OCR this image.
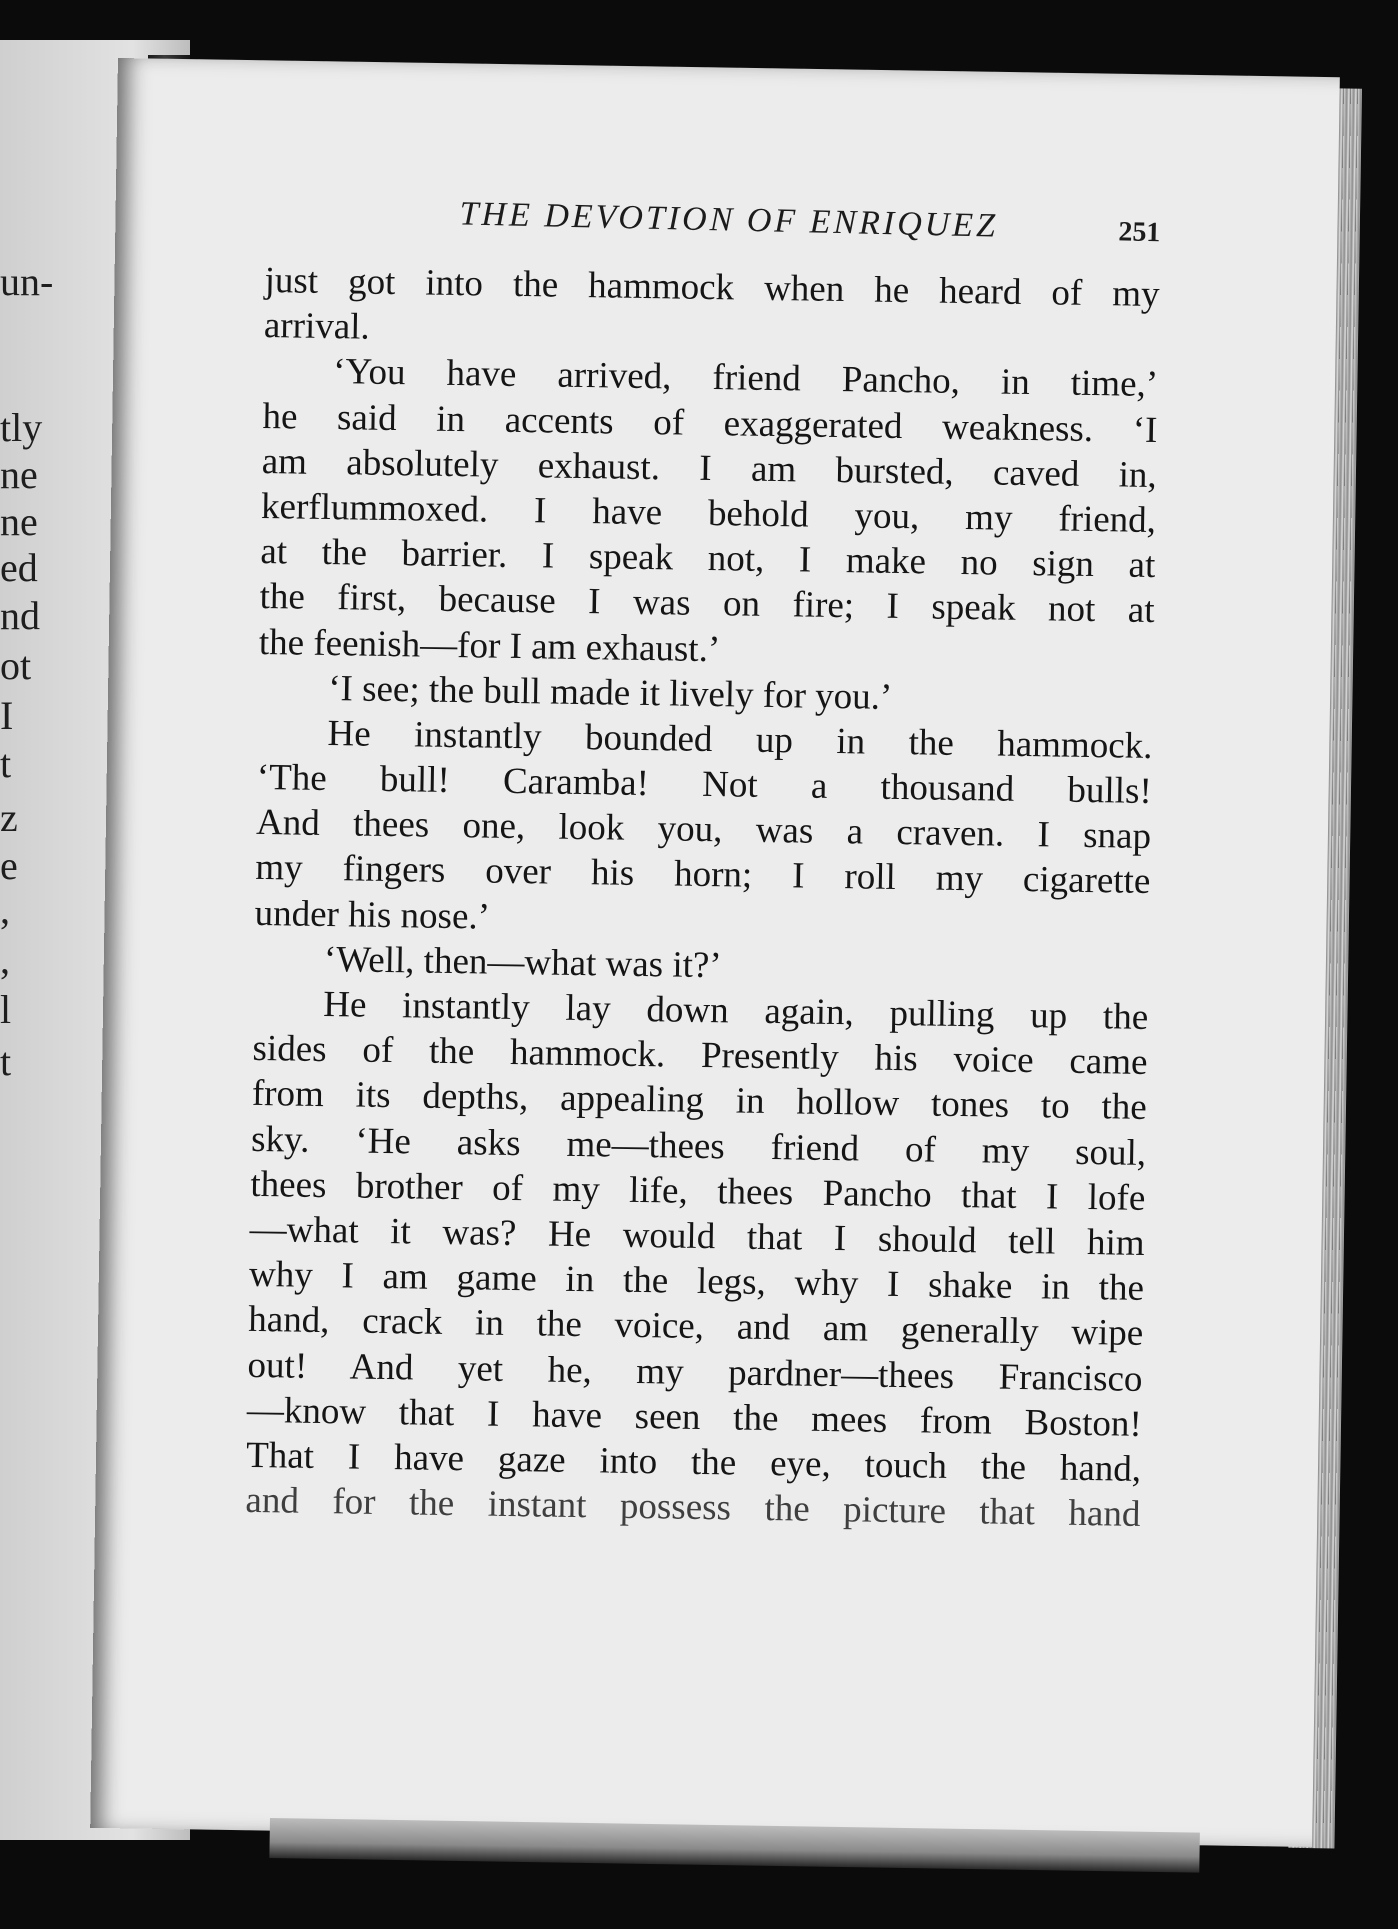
un-
tly
ne
ne
ed
nd
ot
I
t
z
e
,
,
l
t
THE DEVOTION OF ENRIQUEZ	251
just got into the hammock when he heard of my
arrival.
‘You have arrived, friend Pancho, in time,’
he said in accents of exaggerated weakness. ‘I
am absolutely exhaust. I am bursted, caved in,
kerflummoxed. I have behold you, my friend,
at the barrier. I speak not, I make no sign at
the first, because I was on fire; I speak not at
the feenish—for I am exhaust.’
‘I see; the bull made it lively for you.’
He instantly bounded up in the hammock.
‘The bull! Caramba! Not a thousand bulls!
And thees one, look you, was a craven. I snap
my fingers over his horn; I roll my cigarette
under his nose.’
‘Well, then—what was it?’
He instantly lay down again, pulling up the
sides of the hammock. Presently his voice came
from its depths, appealing in hollow tones to the
sky. ‘He asks me—thees friend of my soul,
thees brother of my life, thees Pancho that I lofe
—what it was? He would that I should tell him
why I am game in the legs, why I shake in the
hand, crack in the voice, and am generally wipe
out! And yet he, my pardner—thees Francisco
—know that I have seen the mees from Boston!
That I have gaze into the eye, touch the hand,
and for the instant possess the picture that hand
